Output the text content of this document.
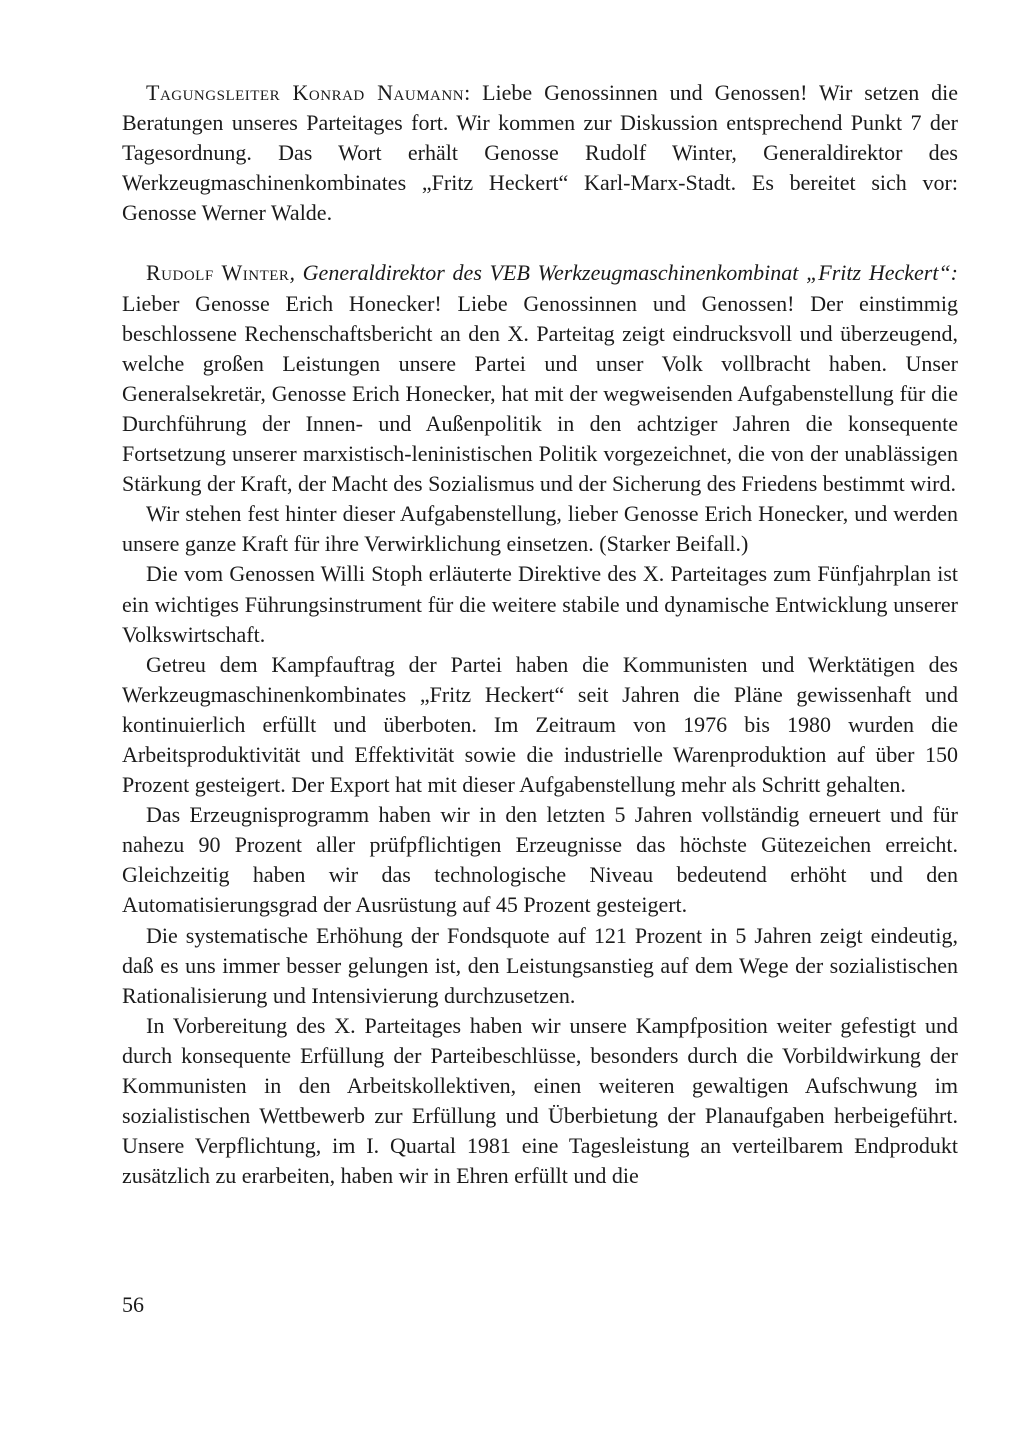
Tagungsleiter Konrad Naumann: Liebe Genossinnen und Genossen! Wir setzen die Beratungen unseres Parteitages fort. Wir kommen zur Diskussion entsprechend Punkt 7 der Tagesordnung. Das Wort erhält Genosse Rudolf Winter, Generaldirektor des Werkzeugmaschinenkombinates „Fritz Heckert“ Karl-Marx-Stadt. Es bereitet sich vor: Genosse Werner Walde.

Rudolf Winter, Generaldirektor des VEB Werkzeugmaschinenkombinat „Fritz Heckert“: Lieber Genosse Erich Honecker! Liebe Genossinnen und Genossen! Der einstimmig beschlossene Rechenschaftsbericht an den X. Parteitag zeigt eindrucksvoll und überzeugend, welche großen Leistungen unsere Partei und unser Volk vollbracht haben. Unser Generalsekretär, Genosse Erich Honecker, hat mit der wegweisenden Aufgabenstellung für die Durchführung der Innen- und Außenpolitik in den achtziger Jahren die konsequente Fortsetzung unserer marxistisch-leninistischen Politik vorgezeichnet, die von der unablässigen Stärkung der Kraft, der Macht des Sozialismus und der Sicherung des Friedens bestimmt wird.

Wir stehen fest hinter dieser Aufgabenstellung, lieber Genosse Erich Honecker, und werden unsere ganze Kraft für ihre Verwirklichung einsetzen. (Starker Beifall.)

Die vom Genossen Willi Stoph erläuterte Direktive des X. Parteitages zum Fünfjahrplan ist ein wichtiges Führungsinstrument für die weitere stabile und dynamische Entwicklung unserer Volkswirtschaft.

Getreu dem Kampfauftrag der Partei haben die Kommunisten und Werktätigen des Werkzeugmaschinenkombinates „Fritz Heckert“ seit Jahren die Pläne gewissenhaft und kontinuierlich erfüllt und überboten. Im Zeitraum von 1976 bis 1980 wurden die Arbeitsproduktivität und Effektivität sowie die industrielle Warenproduktion auf über 150 Prozent gesteigert. Der Export hat mit dieser Aufgabenstellung mehr als Schritt gehalten.

Das Erzeugnisprogramm haben wir in den letzten 5 Jahren vollständig erneuert und für nahezu 90 Prozent aller prüfpflichtigen Erzeugnisse das höchste Gütezeichen erreicht. Gleichzeitig haben wir das technologische Niveau bedeutend erhöht und den Automatisierungsgrad der Ausrüstung auf 45 Prozent gesteigert.

Die systematische Erhöhung der Fondsquote auf 121 Prozent in 5 Jahren zeigt eindeutig, daß es uns immer besser gelungen ist, den Leistungsanstieg auf dem Wege der sozialistischen Rationalisierung und Intensivierung durchzusetzen.

In Vorbereitung des X. Parteitages haben wir unsere Kampfposition weiter gefestigt und durch konsequente Erfüllung der Parteibeschlüsse, besonders durch die Vorbildwirkung der Kommunisten in den Arbeitskollektiven, einen weiteren gewaltigen Aufschwung im sozialistischen Wettbewerb zur Erfüllung und Überbietung der Planaufgaben herbeigeführt. Unsere Verpflichtung, im I. Quartal 1981 eine Tagesleistung an verteilbarem Endprodukt zusätzlich zu erarbeiten, haben wir in Ehren erfüllt und die

56
